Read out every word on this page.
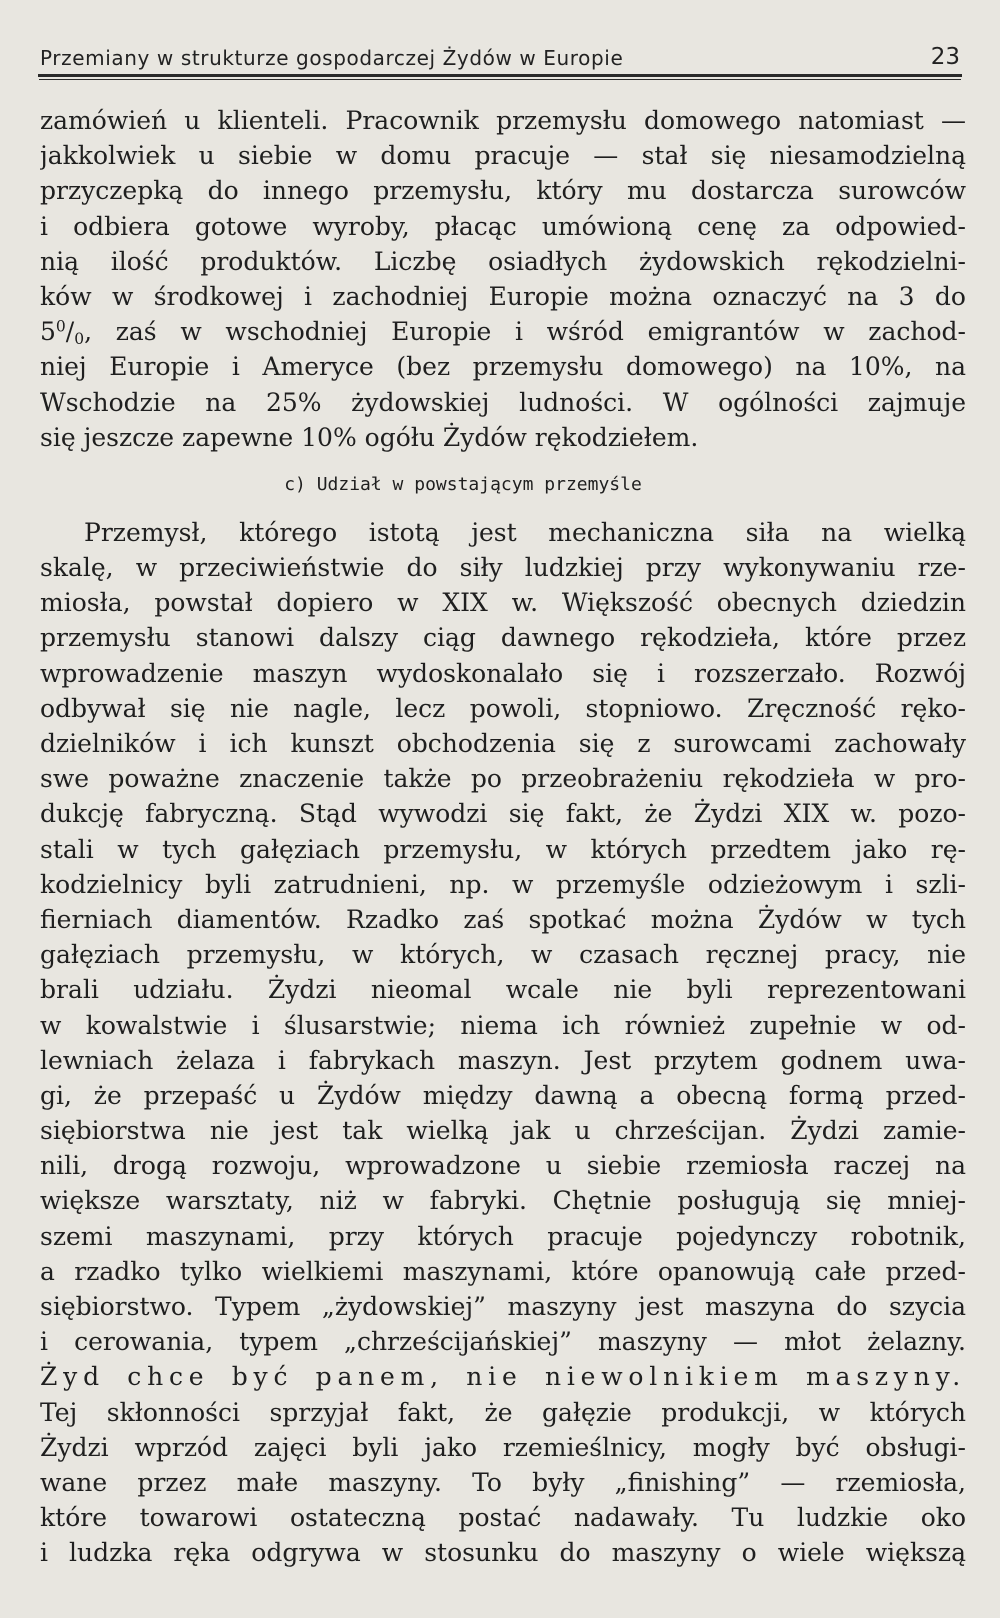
Przemiany w strukturze gospodarczej Żydów w Europie	23
zamówień u klienteli. Pracownik przemysłu domowego natomiast —
jakkolwiek u siebie w domu pracuje — stał się niesamodzielną
przyczepką do innego przemysłu, który mu dostarcza surowców
i odbiera gotowe wyroby, płacąc umówioną cenę za odpowied-
nią ilość produktów. Liczbę osiadłych żydowskich rękodzielni-
ków w środkowej i zachodniej Europie można oznaczyć na 3 do
$5^0/_0$, zaś w wschodniej Europie i wśród emigrantów w zachod-
niej Europie i Ameryce (bez przemysłu domowego) na 10%, na
Wschodzie na 25% żydowskiej ludności. W ogólności zajmuje
się jeszcze zapewne 10% ogółu Żydów rękodziełem.
c) Udział w powstającym przemyśle
Przemysł, którego istotą jest mechaniczna siła na wielką
skalę, w przeciwieństwie do siły ludzkiej przy wykonywaniu rze-
miosła, powstał dopiero w XIX w. Większość obecnych dziedzin
przemysłu stanowi dalszy ciąg dawnego rękodzieła, które przez
wprowadzenie maszyn wydoskonalało się i rozszerzało. Rozwój
odbywał się nie nagle, lecz powoli, stopniowo. Zręczność ręko-
dzielników i ich kunszt obchodzenia się z surowcami zachowały
swe poważne znaczenie także po przeobrażeniu rękodzieła w pro-
dukcję fabryczną. Stąd wywodzi się fakt, że Żydzi XIX w. pozo-
stali w tych gałęziach przemysłu, w których przedtem jako rę-
kodzielnicy byli zatrudnieni, np. w przemyśle odzieżowym i szli-
fierniach diamentów. Rzadko zaś spotkać można Żydów w tych
gałęziach przemysłu, w których, w czasach ręcznej pracy, nie
brali udziału. Żydzi nieomal wcale nie byli reprezentowani
w kowalstwie i ślusarstwie; niema ich również zupełnie w od-
lewniach żelaza i fabrykach maszyn. Jest przytem godnem uwa-
gi, że przepaść u Żydów między dawną a obecną formą przed-
siębiorstwa nie jest tak wielką jak u chrześcijan. Żydzi zamie-
nili, drogą rozwoju, wprowadzone u siebie rzemiosła raczej na
większe warsztaty, niż w fabryki. Chętnie posługują się mniej-
szemi maszynami, przy których pracuje pojedynczy robotnik,
a rzadko tylko wielkiemi maszynami, które opanowują całe przed-
siębiorstwo. Typem „żydowskiej” maszyny jest maszyna do szycia
i cerowania, typem „chrześcijańskiej” maszyny — młot żelazny.
Żyd chce być panem, nie niewolnikiem maszyny.
Tej skłonności sprzyjał fakt, że gałęzie produkcji, w których
Żydzi wprzód zajęci byli jako rzemieślnicy, mogły być obsługi-
wane przez małe maszyny. To były „finishing” — rzemiosła,
które towarowi ostateczną postać nadawały. Tu ludzkie oko
i ludzka ręka odgrywa w stosunku do maszyny o wiele większą
